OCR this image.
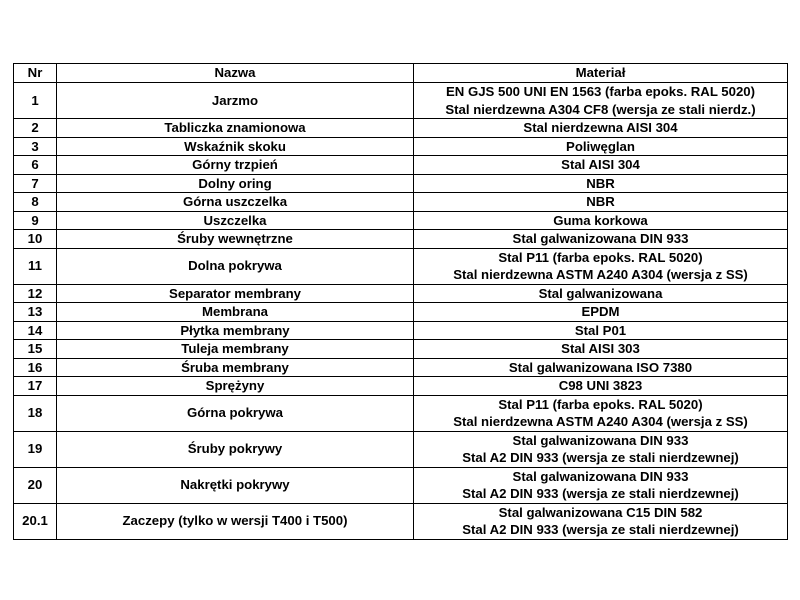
Nr	Nazwa	Materiał
1	Jarzmo	EN GJS 500 UNI EN 1563 (farba epoks. RAL 5020)
Stal nierdzewna A304 CF8 (wersja ze stali nierdz.)

2	Tabliczka znamionowa	Stal nierdzewna AISI 304

3	Wskaźnik skoku	Poliwęglan

6	Górny trzpień	Stal AISI 304

7	Dolny oring	NBR

8	Górna uszczelka	NBR

9	Uszczelka	Guma korkowa

10	Śruby wewnętrzne	Stal galwanizowana DIN 933

11	Dolna pokrywa	Stal P11 (farba epoks. RAL 5020)
Stal nierdzewna ASTM A240 A304 (wersja z SS)

12	Separator membrany	Stal galwanizowana

13	Membrana	EPDM

14	Płytka membrany	Stal P01

15	Tuleja membrany	Stal AISI 303

16	Śruba membrany	Stal galwanizowana ISO 7380

17	Sprężyny	C98 UNI 3823

18	Górna pokrywa	Stal P11 (farba epoks. RAL 5020)
Stal nierdzewna ASTM A240 A304 (wersja z SS)

19	Śruby pokrywy	Stal galwanizowana DIN 933
Stal A2 DIN 933 (wersja ze stali nierdzewnej)

20	Nakrętki pokrywy	Stal galwanizowana DIN 933
Stal A2 DIN 933 (wersja ze stali nierdzewnej)

20.1	Zaczepy (tylko w wersji T400 i T500)	Stal galwanizowana C15 DIN 582
Stal A2 DIN 933 (wersja ze stali nierdzewnej)
